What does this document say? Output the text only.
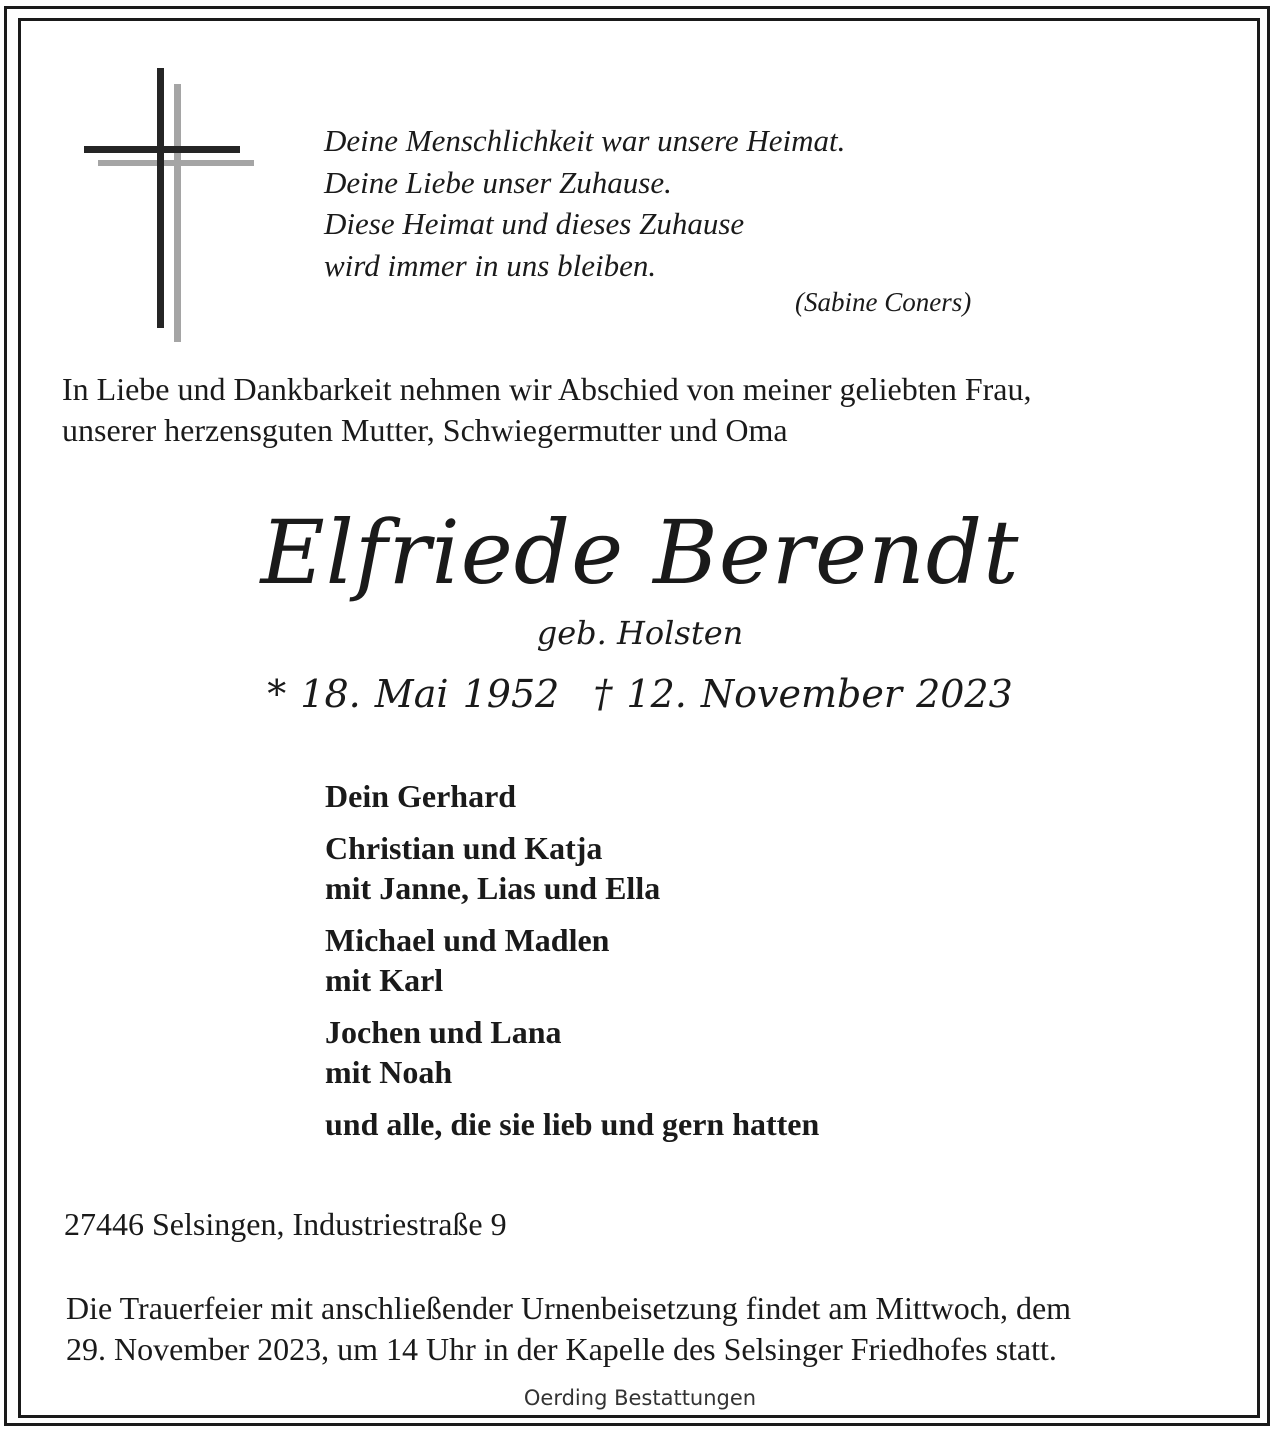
Deine Menschlichkeit war unsere Heimat.
Deine Liebe unser Zuhause.
Diese Heimat und dieses Zuhause
wird immer in uns bleiben.
(Sabine Coners)
In Liebe und Dankbarkeit nehmen wir Abschied von meiner geliebten Frau,
unserer herzensguten Mutter, Schwiegermutter und Oma
Elfriede Berendt
geb. Holsten
* 18. Mai 1952 † 12. November 2023
Dein Gerhard
Christian und Katja
mit Janne, Lias und Ella
Michael und Madlen
mit Karl
Jochen und Lana
mit Noah
und alle, die sie lieb und gern hatten
27446 Selsingen, Industriestraße 9
Die Trauerfeier mit anschließender Urnenbeisetzung findet am Mittwoch, dem
29. November 2023, um 14 Uhr in der Kapelle des Selsinger Friedhofes statt.
Oerding Bestattungen
